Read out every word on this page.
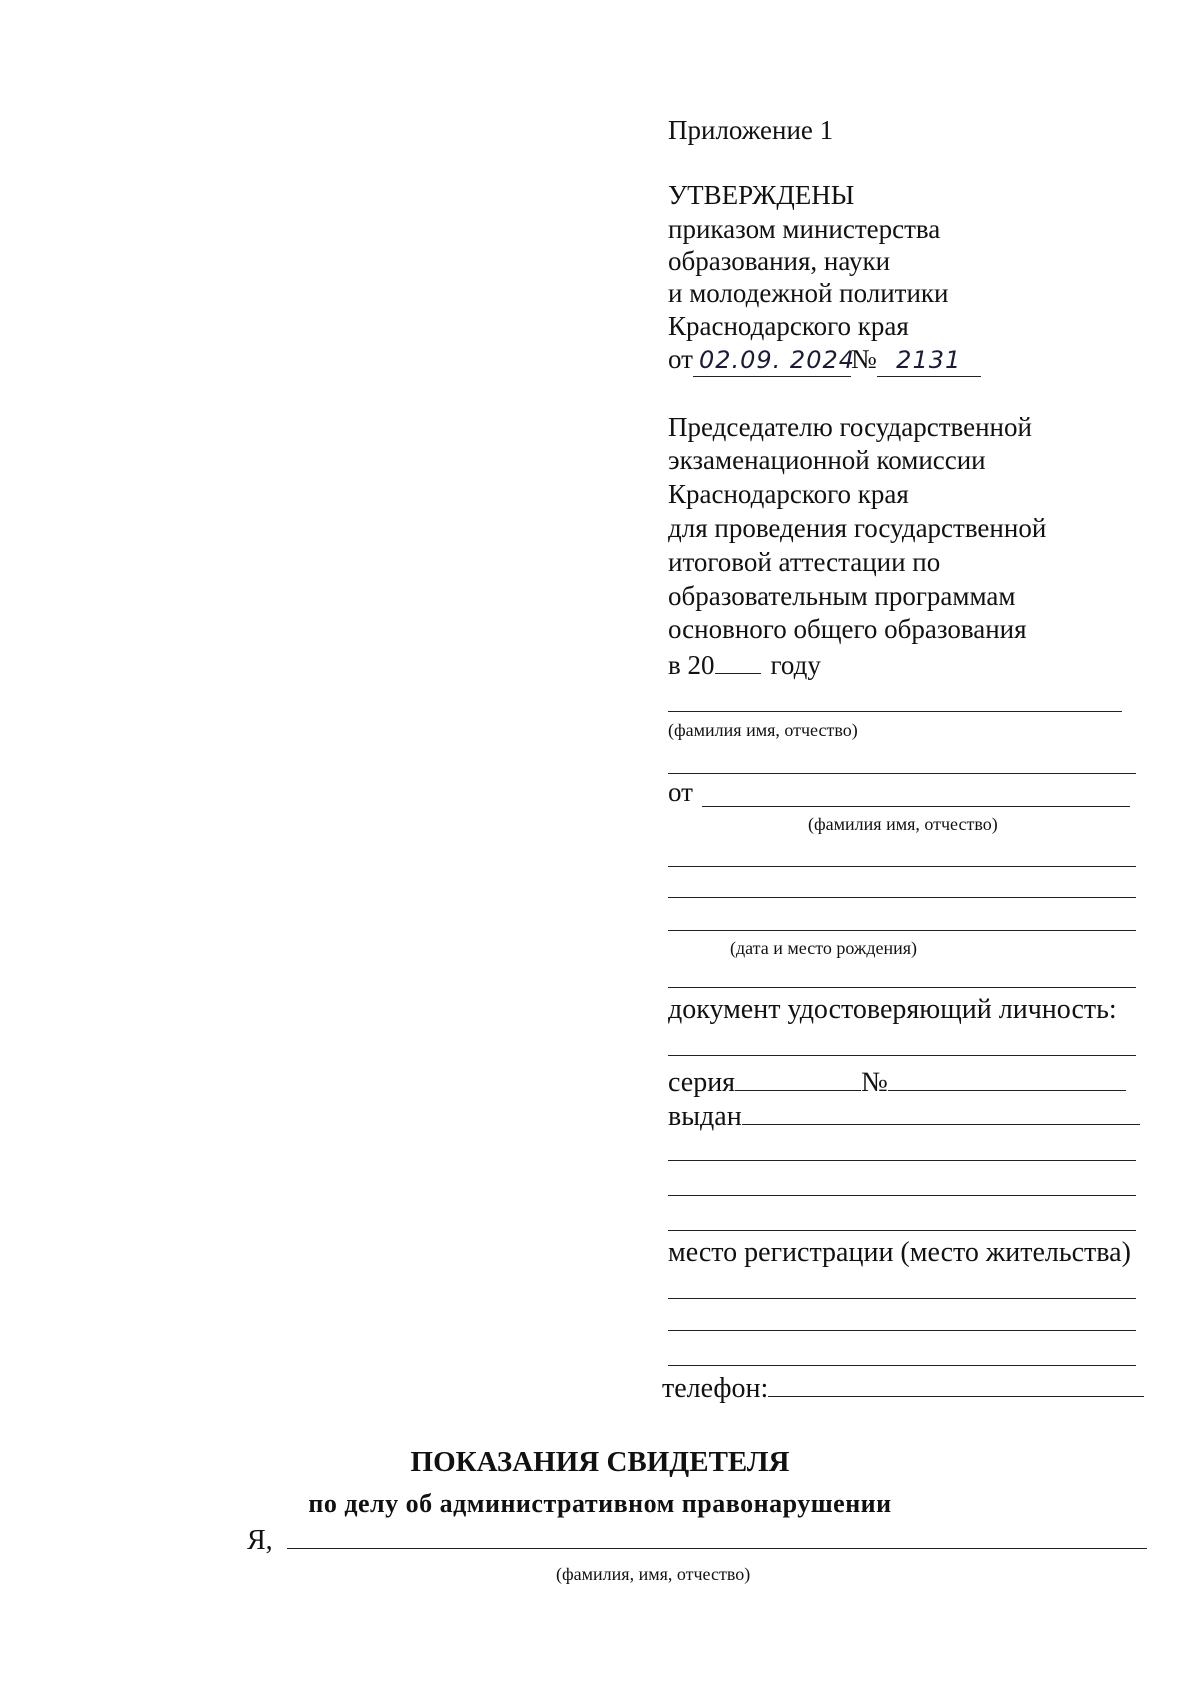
Приложение 1
УТВЕРЖДЕНЫ
приказом министерства
образования, науки
и молодежной политики
Краснодарского края
от 02.09. 2024№ 2131
Председателю государственной
экзаменационной комиссии
Краснодарского края
для проведения государственной
итоговой аттестации по
образовательным программам
основного общего образования
в 20 году
(фамилия имя, отчество)
от
(фамилия имя, отчество)
(дата и место рождения)
документ удостоверяющий личность:
серия	№
выдан
место регистрации (место жительства)
телефон:
ПОКАЗАНИЯ СВИДЕТЕЛЯ
по делу об административном правонарушении
Я,
(фамилия, имя, отчество)
